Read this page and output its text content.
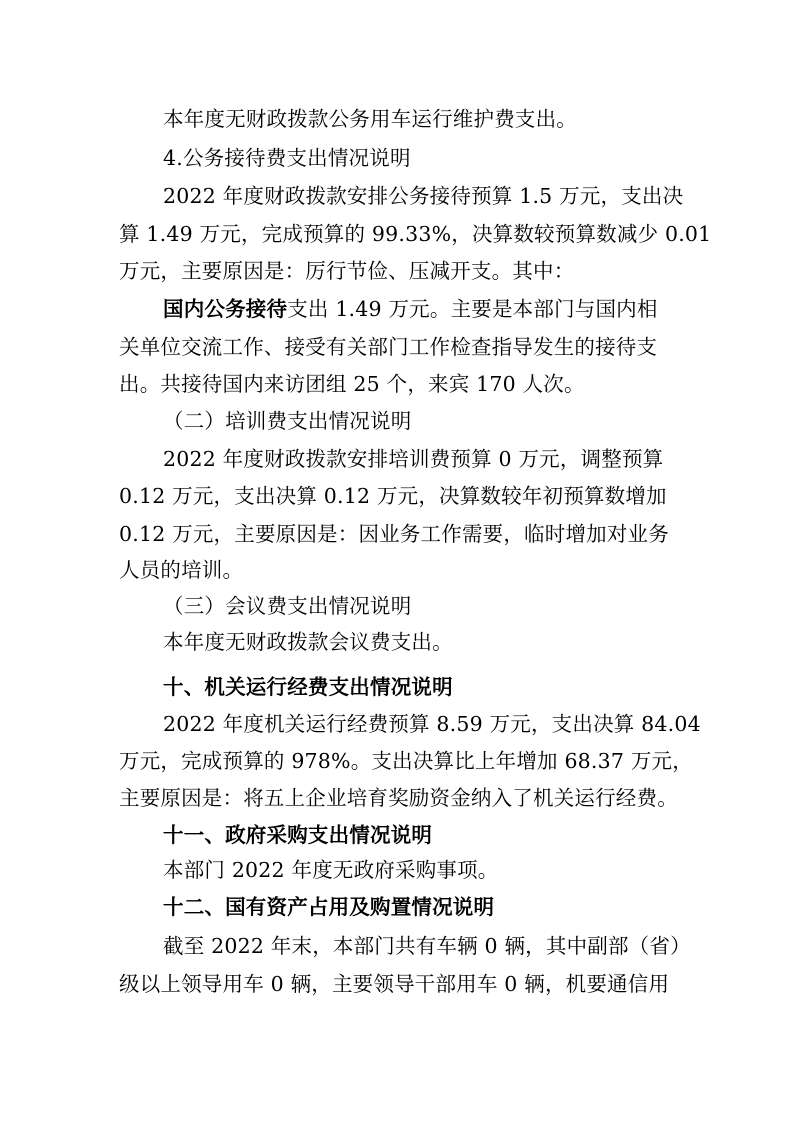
本年度无财政拨款公务用车运行维护费支出。
4.公务接待费支出情况说明
2022 年度财政拨款安排公务接待预算 1.5 万元，支出决
算 1.49 万元，完成预算的 99.33%，决算数较预算数减少 0.01
万元，主要原因是：厉行节俭、压减开支。其中：
国内公务接待支出 1.49 万元。主要是本部门与国内相
关单位交流工作、接受有关部门工作检查指导发生的接待支
出。共接待国内来访团组 25 个，来宾 170 人次。
（二）培训费支出情况说明
2022 年度财政拨款安排培训费预算 0 万元，调整预算
0.12 万元，支出决算 0.12 万元，决算数较年初预算数增加
0.12 万元，主要原因是：因业务工作需要，临时增加对业务
人员的培训。
（三）会议费支出情况说明
本年度无财政拨款会议费支出。
十、机关运行经费支出情况说明
2022 年度机关运行经费预算 8.59 万元，支出决算 84.04
万元，完成预算的 978%。支出决算比上年增加 68.37 万元，
主要原因是：将五上企业培育奖励资金纳入了机关运行经费。
十一、政府采购支出情况说明
本部门 2022 年度无政府采购事项。
十二、国有资产占用及购置情况说明
截至 2022 年末，本部门共有车辆 0 辆，其中副部（省）
级以上领导用车 0 辆，主要领导干部用车 0 辆，机要通信用
